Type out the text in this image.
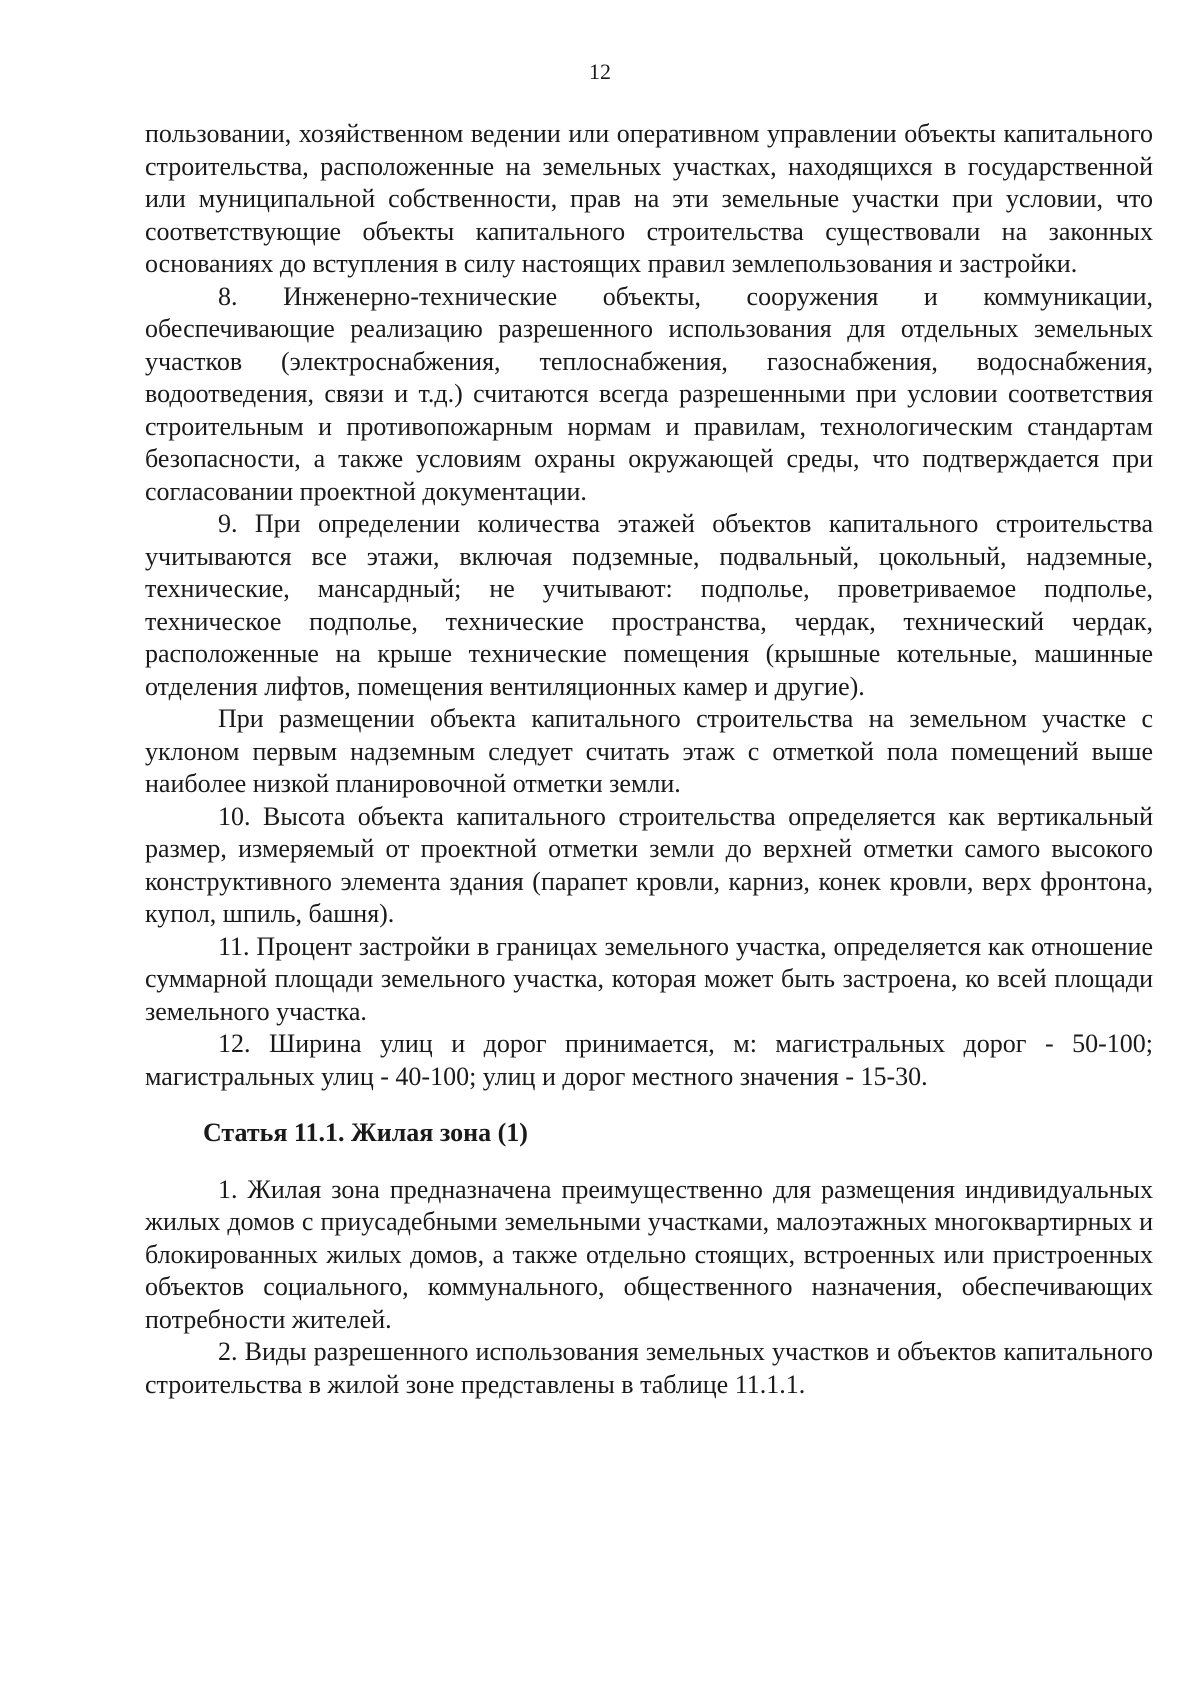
12

пользовании, хозяйственном ведении или оперативном управлении объекты капитального строительства, расположенные на земельных участках, находящихся в государственной или муниципальной собственности, прав на эти земельные участки при условии, что соответствующие объекты капитального строительства существовали на законных основаниях до вступления в силу настоящих правил землепользования и застройки.

8. Инженерно-технические объекты, сооружения и коммуникации, обеспечивающие реализацию разрешенного использования для отдельных земельных участков (электроснабжения, теплоснабжения, газоснабжения, водоснабжения, водоотведения, связи и т.д.) считаются всегда разрешенными при условии соответствия строительным и противопожарным нормам и правилам, технологическим стандартам безопасности, а также условиям охраны окружающей среды, что подтверждается при согласовании проектной документации.

9. При определении количества этажей объектов капитального строительства учитываются все этажи, включая подземные, подвальный, цокольный, надземные, технические, мансардный; не учитывают: подполье, проветриваемое подполье, техническое подполье, технические пространства, чердак, технический чердак, расположенные на крыше технические помещения (крышные котельные, машинные отделения лифтов, помещения вентиляционных камер и другие).

При размещении объекта капитального строительства на земельном участке с уклоном первым надземным следует считать этаж с отметкой пола помещений выше наиболее низкой планировочной отметки земли.

10. Высота объекта капитального строительства определяется как вертикальный размер, измеряемый от проектной отметки земли до верхней отметки самого высокого конструктивного элемента здания (парапет кровли, карниз, конек кровли, верх фронтона, купол, шпиль, башня).

11. Процент застройки в границах земельного участка, определяется как отношение суммарной площади земельного участка, которая может быть застроена, ко всей площади земельного участка.

12. Ширина улиц и дорог принимается, м: магистральных дорог - 50-100; магистральных улиц - 40-100; улиц и дорог местного значения - 15-30.

Статья 11.1. Жилая зона (1)

1. Жилая зона предназначена преимущественно для размещения индивидуальных жилых домов с приусадебными земельными участками, малоэтажных многоквартирных и блокированных жилых домов, а также отдельно стоящих, встроенных или пристроенных объектов социального, коммунального, общественного назначения, обеспечивающих потребности жителей.

2. Виды разрешенного использования земельных участков и объектов капитального строительства в жилой зоне представлены в таблице 11.1.1.
